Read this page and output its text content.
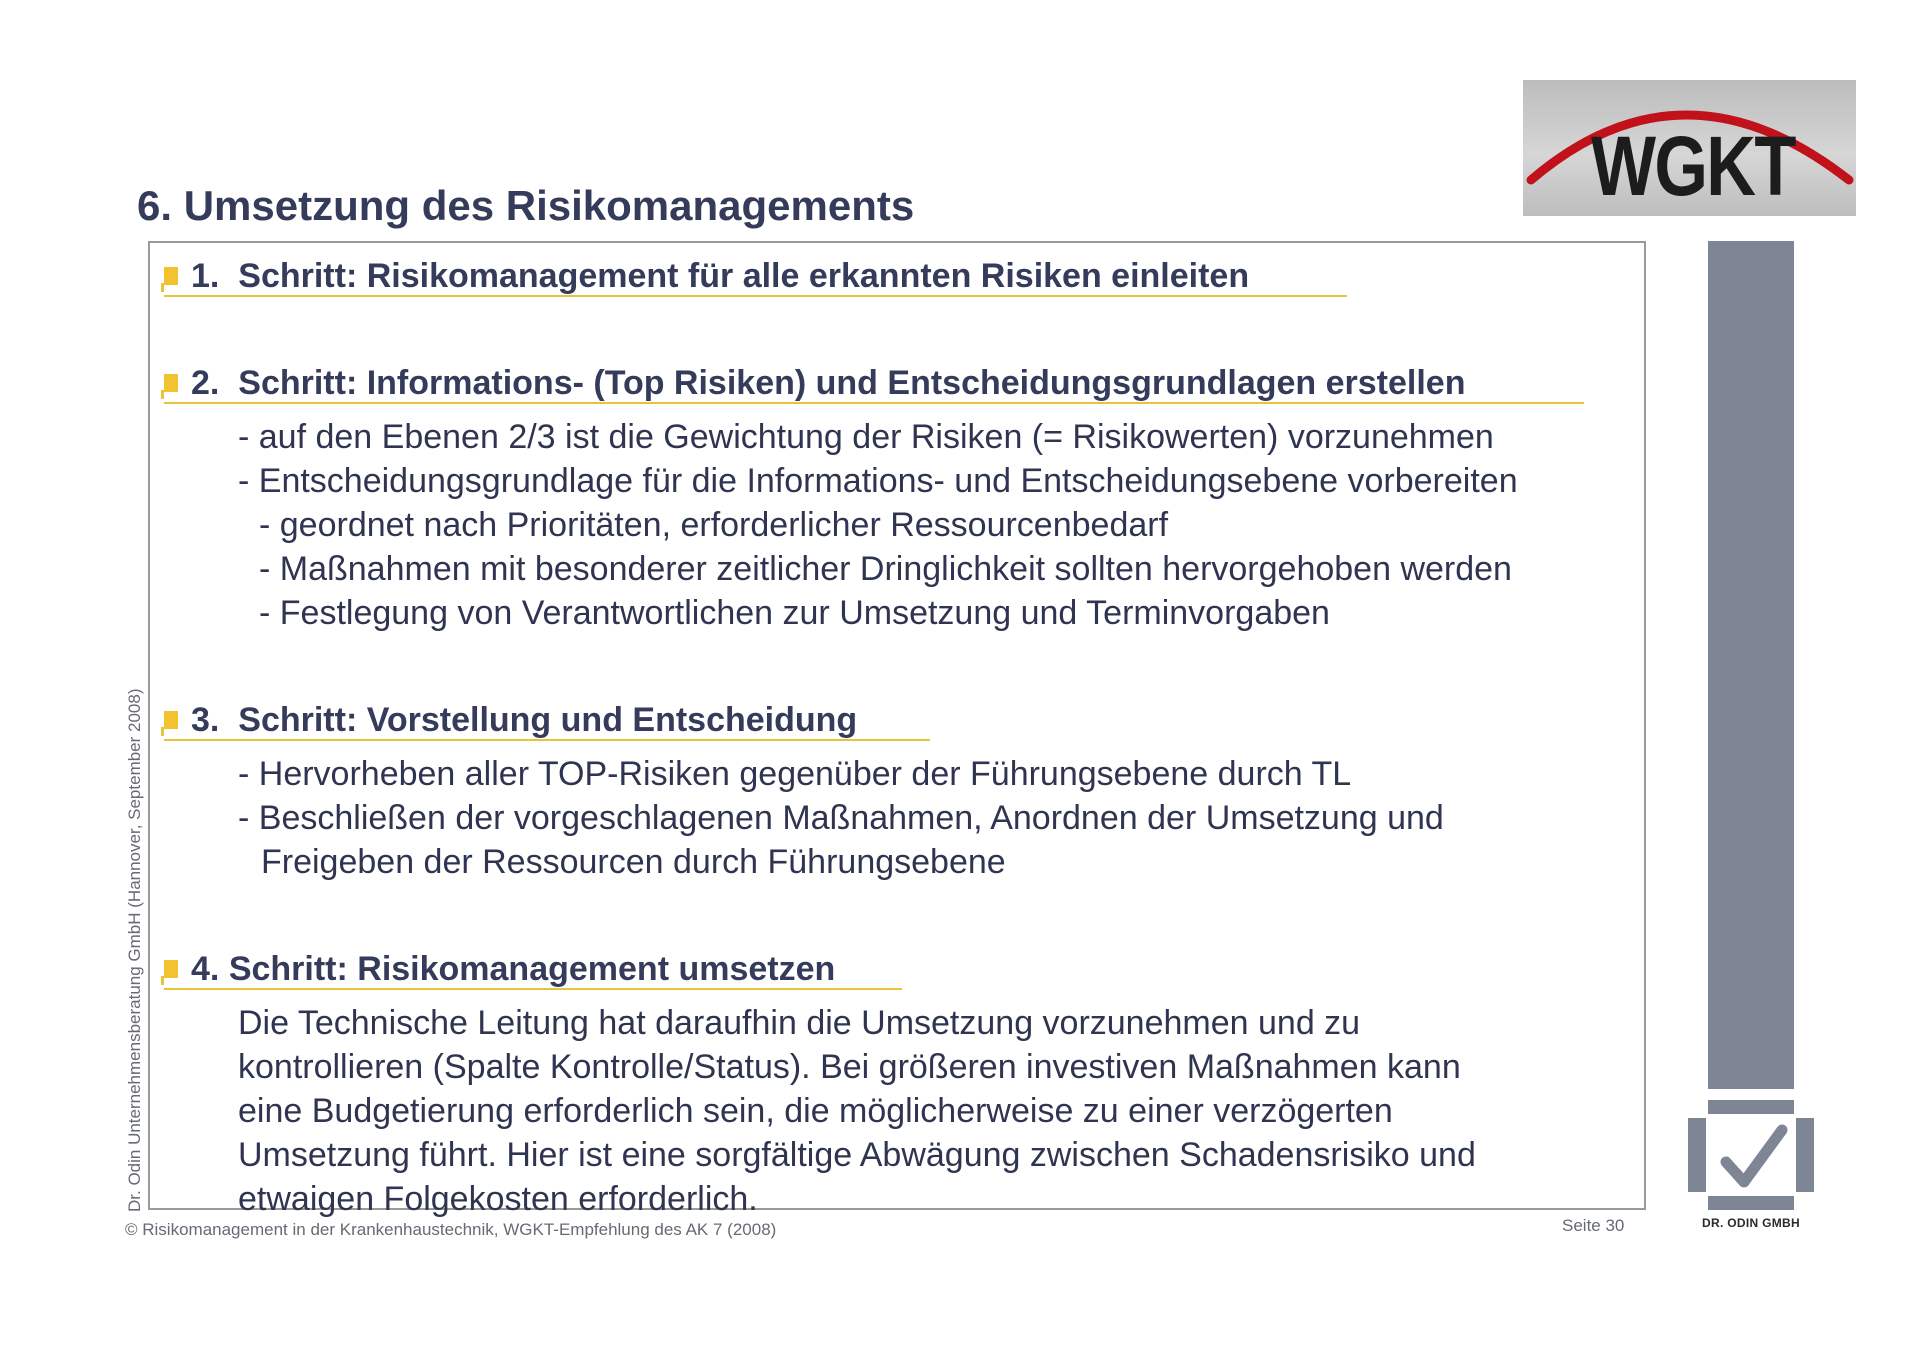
WGKT
6. Umsetzung des Risikomanagements
1. Schritt: Risikomanagement für alle erkannten Risiken einleiten
2. Schritt: Informations- (Top Risiken) und Entscheidungsgrundlagen erstellen
- auf den Ebenen 2/3 ist die Gewichtung der Risiken (= Risikowerten) vorzunehmen
- Entscheidungsgrundlage für die Informations- und Entscheidungsebene vorbereiten
- geordnet nach Prioritäten, erforderlicher Ressourcenbedarf
- Maßnahmen mit besonderer zeitlicher Dringlichkeit sollten hervorgehoben werden
- Festlegung von Verantwortlichen zur Umsetzung und Terminvorgaben
3. Schritt: Vorstellung und Entscheidung
- Hervorheben aller TOP-Risiken gegenüber der Führungsebene durch TL
- Beschließen der vorgeschlagenen Maßnahmen, Anordnen der Umsetzung und
Freigeben der Ressourcen durch Führungsebene
4. Schritt: Risikomanagement umsetzen
Die Technische Leitung hat daraufhin die Umsetzung vorzunehmen und zu
kontrollieren (Spalte Kontrolle/Status). Bei größeren investiven Maßnahmen kann
eine Budgetierung erforderlich sein, die möglicherweise zu einer verzögerten
Umsetzung führt. Hier ist eine sorgfältige Abwägung zwischen Schadensrisiko und
etwaigen Folgekosten erforderlich.
DR. ODIN GMBH
Dr. Odin Unternehmensberatung GmbH (Hannover, September 2008)
© Risikomanagement in der Krankenhaustechnik, WGKT-Empfehlung des AK 7 (2008)	Seite 30
